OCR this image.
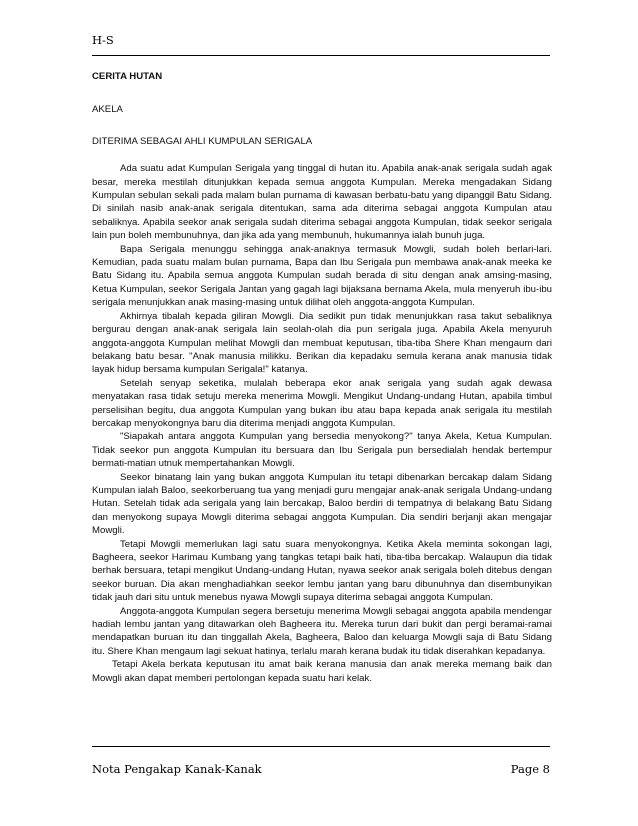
H-S

CERITA HUTAN

AKELA

DITERIMA SEBAGAI AHLI KUMPULAN SERIGALA

Ada suatu adat Kumpulan Serigala yang tinggal di hutan itu. Apabila anak-anak serigala sudah agak besar, mereka mestilah ditunjukkan kepada semua anggota Kumpulan. Mereka mengadakan Sidang Kumpulan sebulan sekali pada malam bulan purnama di kawasan berbatu-batu yang dipanggil Batu Sidang. Di sinilah nasib anak-anak serigala ditentukan, sama ada diterima sebagai anggota Kumpulan atau sebaliknya. Apabila seekor anak serigala sudah diterima sebagai anggota Kumpulan, tidak seekor serigala lain pun boleh membunuhnya, dan jika ada yang membunuh, hukumannya ialah bunuh juga.

Bapa Serigala menunggu sehingga anak-anaknya termasuk Mowgli, sudah boleh berlari-lari. Kemudian, pada suatu malam bulan purnama, Bapa dan Ibu Serigala pun membawa anak-anak meeka ke Batu Sidang itu. Apabila semua anggota Kumpulan sudah berada di situ dengan anak amsing-masing, Ketua Kumpulan, seekor Serigala Jantan yang gagah lagi bijaksana bernama Akela, mula menyeruh ibu-ibu serigala menunjukkan anak masing-masing untuk dilihat oleh anggota-anggota Kumpulan.

Akhirnya tibalah kepada giliran Mowgli. Dia sedikit pun tidak menunjukkan rasa takut sebaliknya bergurau dengan anak-anak serigala lain seolah-olah dia pun serigala juga. Apabila Akela menyuruh anggota-anggota Kumpulan melihat Mowgli dan membuat keputusan, tiba-tiba Shere Khan mengaum dari belakang batu besar. "Anak manusia milikku. Berikan dia kepadaku semula kerana anak manusia tidak layak hidup bersama kumpulan Serigala!" katanya.

Setelah senyap seketika, mulalah beberapa ekor anak serigala yang sudah agak dewasa menyatakan rasa tidak setuju mereka menerima Mowgli. Mengikut Undang-undang Hutan, apabila timbul perselisihan begitu, dua anggota Kumpulan yang bukan ibu atau bapa kepada anak serigala itu mestilah bercakap menyokongnya baru dia diterima menjadi anggota Kumpulan.

"Siapakah antara anggota Kumpulan yang bersedia menyokong?" tanya Akela, Ketua Kumpulan. Tidak seekor pun anggota Kumpulan itu bersuara dan Ibu Serigala pun bersedialah hendak bertempur bermati-matian utnuk mempertahankan Mowgli.

Seekor binatang lain yang bukan anggota Kumpulan itu tetapi dibenarkan bercakap dalam Sidang Kumpulan ialah Baloo, seekorberuang tua yang menjadi guru mengajar anak-anak serigala Undang-undang Hutan. Setelah tidak ada serigala yang lain bercakap, Baloo berdiri di tempatnya di belakang Batu Sidang dan menyokong supaya Mowgli diterima sebagai anggota Kumpulan. Dia sendiri berjanji akan mengajar Mowgli.

Tetapi Mowgli memerlukan lagi satu suara menyokongnya. Ketika Akela meminta sokongan lagi, Bagheera, seekor Harimau Kumbang yang tangkas tetapi baik hati, tiba-tiba bercakap. Walaupun dia tidak berhak bersuara, tetapi mengikut Undang-undang Hutan, nyawa seekor anak serigala boleh ditebus dengan seekor buruan. Dia akan menghadiahkan seekor lembu jantan yang baru dibunuhnya dan disembunyikan tidak jauh dari situ untuk menebus nyawa Mowgli supaya diterima sebagai anggota Kumpulan.

Anggota-anggota Kumpulan segera bersetuju menerima Mowgli sebagai anggota apabila mendengar hadiah lembu jantan yang ditawarkan oleh Bagheera itu. Mereka turun dari bukit dan pergi beramai-ramai mendapatkan buruan itu dan tinggallah Akela, Bagheera, Baloo dan keluarga Mowgli saja di Batu Sidang itu. Shere Khan mengaum lagi sekuat hatinya, terlalu marah kerana budak itu tidak diserahkan kepadanya.

Tetapi Akela berkata keputusan itu amat baik kerana manusia dan anak mereka memang baik dan Mowgli akan dapat memberi pertolongan kepada suatu hari kelak.

Nota Pengakap Kanak-Kanak	Page 8
